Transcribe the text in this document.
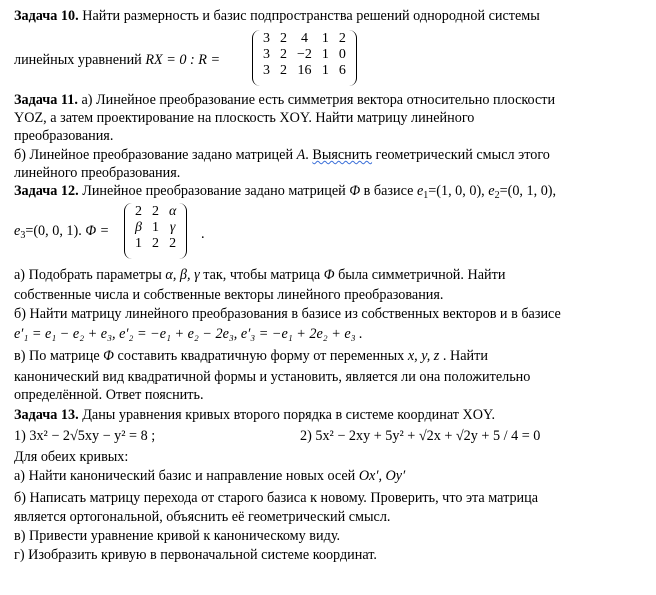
Задача 10. Найти размерность и базис подпространства решений однородной системы
линейных уравнений RX = 0 : R =
3	2	4	1	2
3	2	−2	1	0
3	2	16	1	6
Задача 11. а) Линейное преобразование есть симметрия вектора относительно плоскости
YOZ, а затем проектирование на плоскость XOY. Найти матрицу линейного
преобразования.
б) Линейное преобразование задано матрицей A. Выяснить геометрический смысл этого
линейного преобразования.
Задача 12. Линейное преобразование задано матрицей Φ в базисе $e_1=(1$, 0, 0), $e_2=(0$, 1, 0),
$e_3=(0$, 0, 1). Φ =
2	2	α
β	1	γ
1	2	2
.
а) Подобрать параметры α, β, γ так, чтобы матрица Φ была симметричной. Найти
собственные числа и собственные векторы линейного преобразования.
б) Найти матрицу линейного преобразования в базисе из собственных векторов и в базисе
e′₁ = e₁ − e₂ + e₃, e′₂ = −e₁ + e₂ − 2e₃, e′₃ = −e₁ + 2e₂ + e₃ .
в) По матрице Φ составить квадратичную форму от переменных x, y, z . Найти
канонический вид квадратичной формы и установить, является ли она положительно
определённой. Ответ пояснить.
Задача 13. Даны уравнения кривых второго порядка в системе координат XOY.
1) 3x² − 2√5xy − y² = 8 ;	2) 5x² − 2xy + 5y² + √2x + √2y + 5 / 4 = 0
Для обеих кривых:
а) Найти канонический базис и направление новых осей Ox′, Oy′
б) Написать матрицу перехода от старого базиса к новому. Проверить, что эта матрица
является ортогональной, объяснить её геометрический смысл.
в) Привести уравнение кривой к каноническому виду.
г) Изобразить кривую в первоначальной системе координат.
